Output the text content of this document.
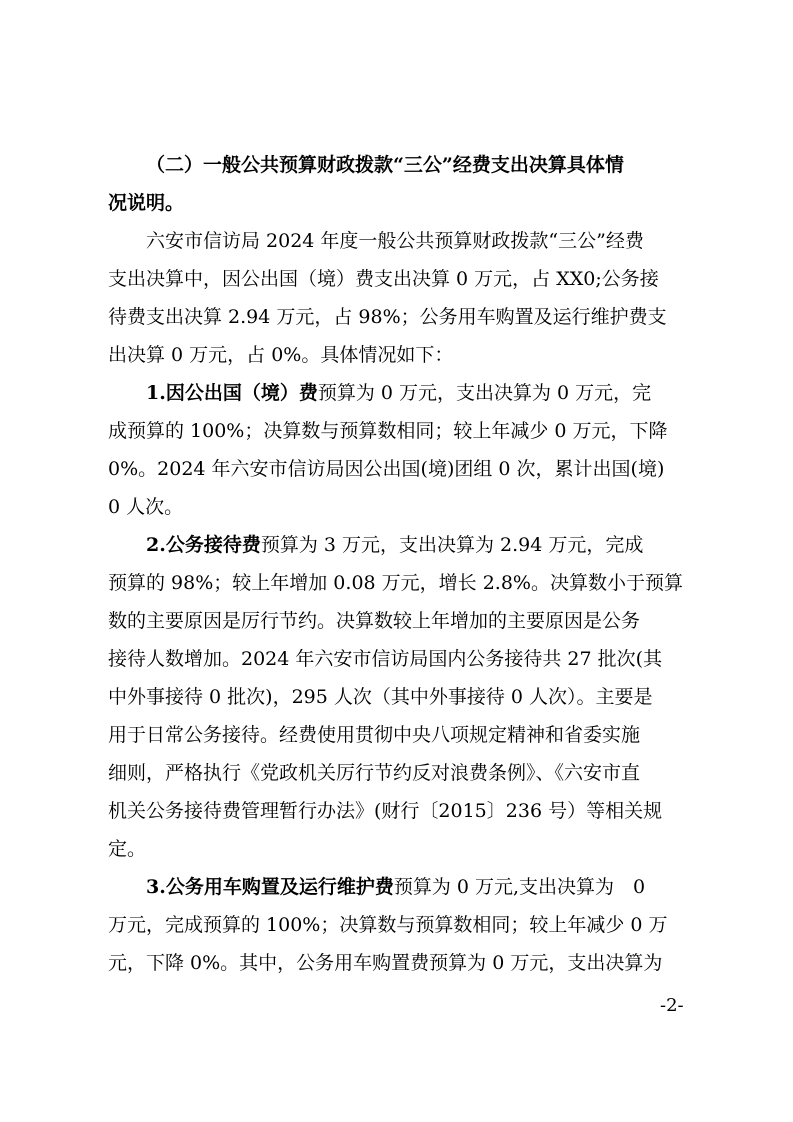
（二）一般公共预算财政拨款“三公”经费支出决算具体情
况说明。
六安市信访局 2024 年度一般公共预算财政拨款“三公”经费
支出决算中，因公出国（境）费支出决算 0 万元，占 XX0;公务接
待费支出决算 2.94 万元，占 98%；公务用车购置及运行维护费支
出决算 0 万元，占 0%。具体情况如下：
1.因公出国（境）费预算为 0 万元，支出决算为 0 万元，完
成预算的 100%；决算数与预算数相同；较上年减少 0 万元，下降
0%。2024 年六安市信访局因公出国(境)团组 0 次，累计出国(境)
0 人次。
2.公务接待费预算为 3 万元，支出决算为 2.94 万元，完成
预算的 98%；较上年增加 0.08 万元，增长 2.8%。决算数小于预算
数的主要原因是厉行节约。决算数较上年增加的主要原因是公务
接待人数增加。2024 年六安市信访局国内公务接待共 27 批次(其
中外事接待 0 批次)，295 人次（其中外事接待 0 人次）。主要是
用于日常公务接待。经费使用贯彻中央八项规定精神和省委实施
细则，严格执行《党政机关厉行节约反对浪费条例》、《六安市直
机关公务接待费管理暂行办法》(财行〔2015〕236 号）等相关规
定。
3.公务用车购置及运行维护费预算为 0 万元,支出决算为　0
万元，完成预算的 100%；决算数与预算数相同；较上年减少 0 万
元，下降 0%。其中，公务用车购置费预算为 0 万元，支出决算为
-2-
